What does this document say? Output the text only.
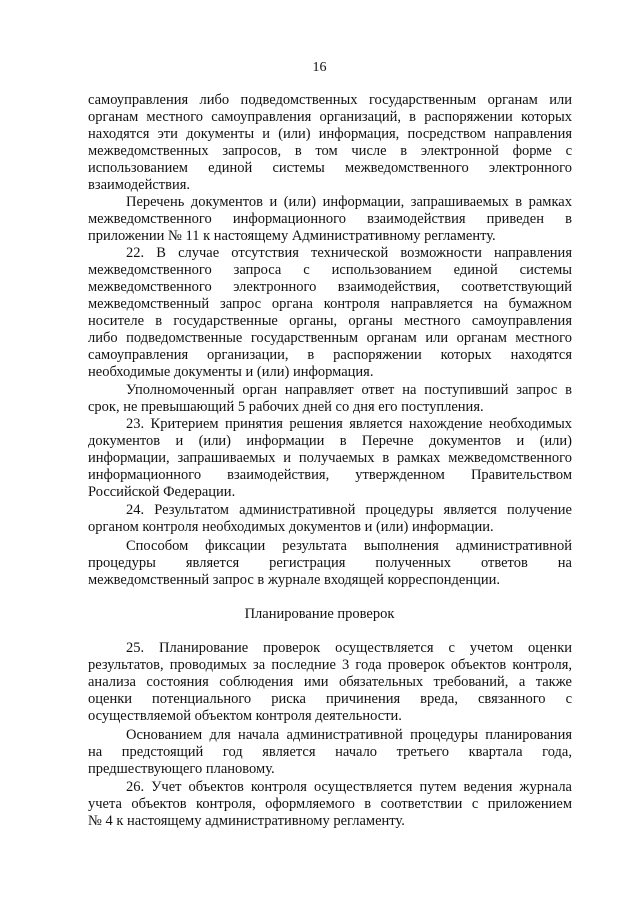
16
самоуправления либо подведомственных государственным органам или
органам местного самоуправления организаций, в распоряжении которых
находятся эти документы и (или) информация, посредством направления
межведомственных запросов, в том числе в электронной форме с
использованием единой системы межведомственного электронного
взаимодействия.
Перечень документов и (или) информации, запрашиваемых в рамках
межведомственного информационного взаимодействия приведен в
приложении № 11 к настоящему Административному регламенту.
22. В случае отсутствия технической возможности направления
межведомственного запроса с использованием единой системы
межведомственного электронного взаимодействия, соответствующий
межведомственный запрос органа контроля направляется на бумажном
носителе в государственные органы, органы местного самоуправления
либо подведомственные государственным органам или органам местного
самоуправления организации, в распоряжении которых находятся
необходимые документы и (или) информация.
Уполномоченный орган направляет ответ на поступивший запрос в
срок, не превышающий 5 рабочих дней со дня его поступления.
23. Критерием принятия решения является нахождение необходимых
документов и (или) информации в Перечне документов и (или)
информации, запрашиваемых и получаемых в рамках межведомственного
информационного взаимодействия, утвержденном Правительством
Российской Федерации.
24. Результатом административной процедуры является получение
органом контроля необходимых документов и (или) информации.
Способом фиксации результата выполнения административной
процедуры является регистрация полученных ответов на
межведомственный запрос в журнале входящей корреспонденции.
Планирование проверок
25. Планирование проверок осуществляется с учетом оценки
результатов, проводимых за последние 3 года проверок объектов контроля,
анализа состояния соблюдения ими обязательных требований, а также
оценки потенциального риска причинения вреда, связанного с
осуществляемой объектом контроля деятельности.
Основанием для начала административной процедуры планирования
на предстоящий год является начало третьего квартала года,
предшествующего плановому.
26. Учет объектов контроля осуществляется путем ведения журнала
учета объектов контроля, оформляемого в соответствии с приложением
№ 4 к настоящему административному регламенту.
